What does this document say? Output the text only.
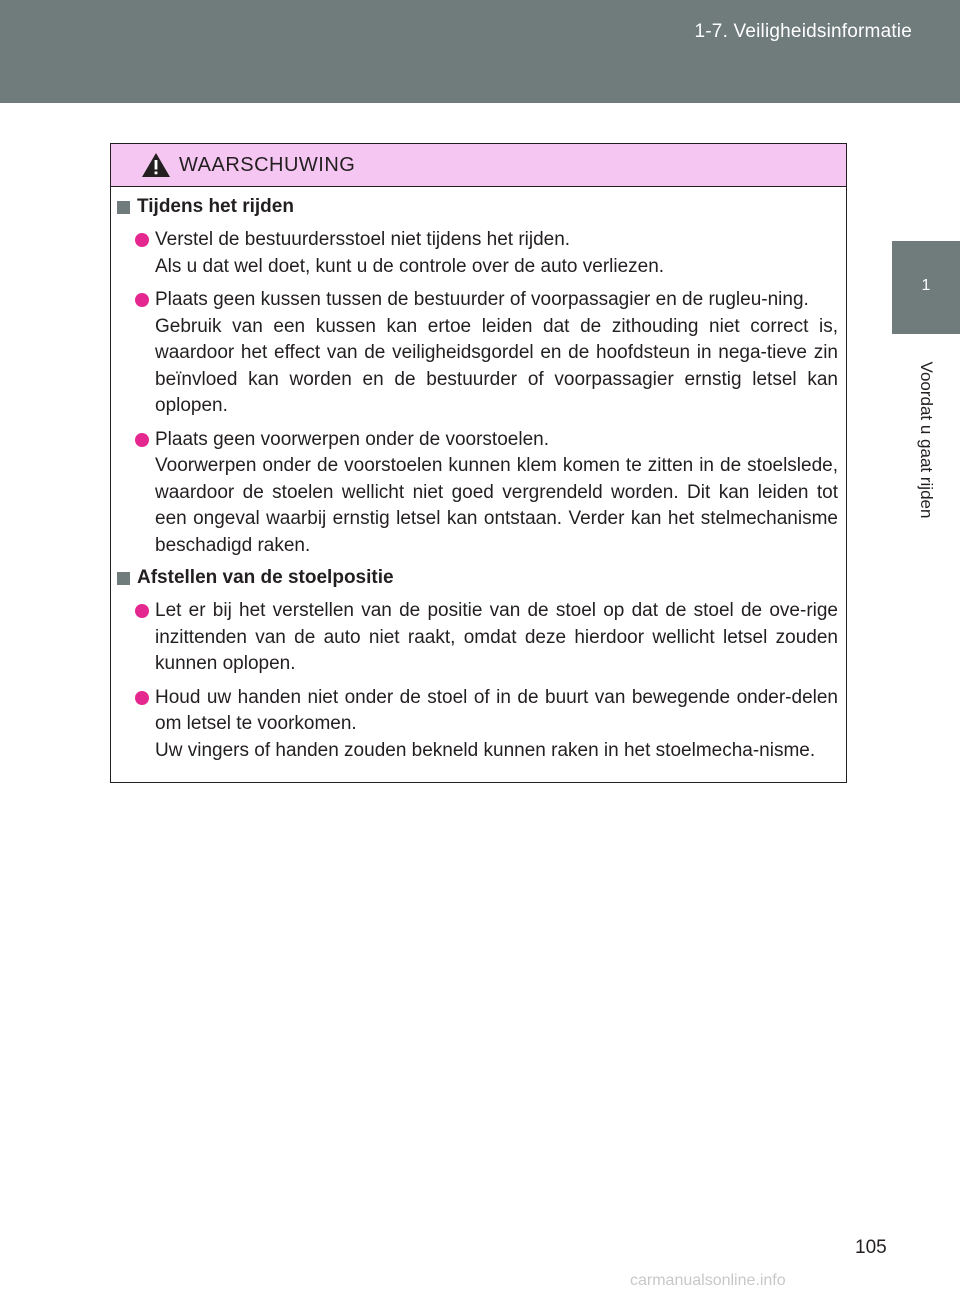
1-7. Veiligheidsinformatie
1
Voordat u gaat rijden
WAARSCHUWING
Tijdens het rijden

Verstel de bestuurdersstoel niet tijdens het rijden.

Als u dat wel doet, kunt u de controle over de auto verliezen.

Plaats geen kussen tussen de bestuurder of voorpassagier en de rugleu-ning.

Gebruik van een kussen kan ertoe leiden dat de zithouding niet correct is, waardoor het effect van de veiligheidsgordel en de hoofdsteun in nega-tieve zin beïnvloed kan worden en de bestuurder of voorpassagier ernstig letsel kan oplopen.

Plaats geen voorwerpen onder de voorstoelen.

Voorwerpen onder de voorstoelen kunnen klem komen te zitten in de stoelslede, waardoor de stoelen wellicht niet goed vergrendeld worden. Dit kan leiden tot een ongeval waarbij ernstig letsel kan ontstaan. Verder kan het stelmechanisme beschadigd raken.

Afstellen van de stoelpositie

Let er bij het verstellen van de positie van de stoel op dat de stoel de ove-rige inzittenden van de auto niet raakt, omdat deze hierdoor wellicht letsel zouden kunnen oplopen.

Houd uw handen niet onder de stoel of in de buurt van bewegende onder-delen om letsel te voorkomen.

Uw vingers of handen zouden bekneld kunnen raken in het stoelmecha-nisme.

105
carmanualsonline.info
